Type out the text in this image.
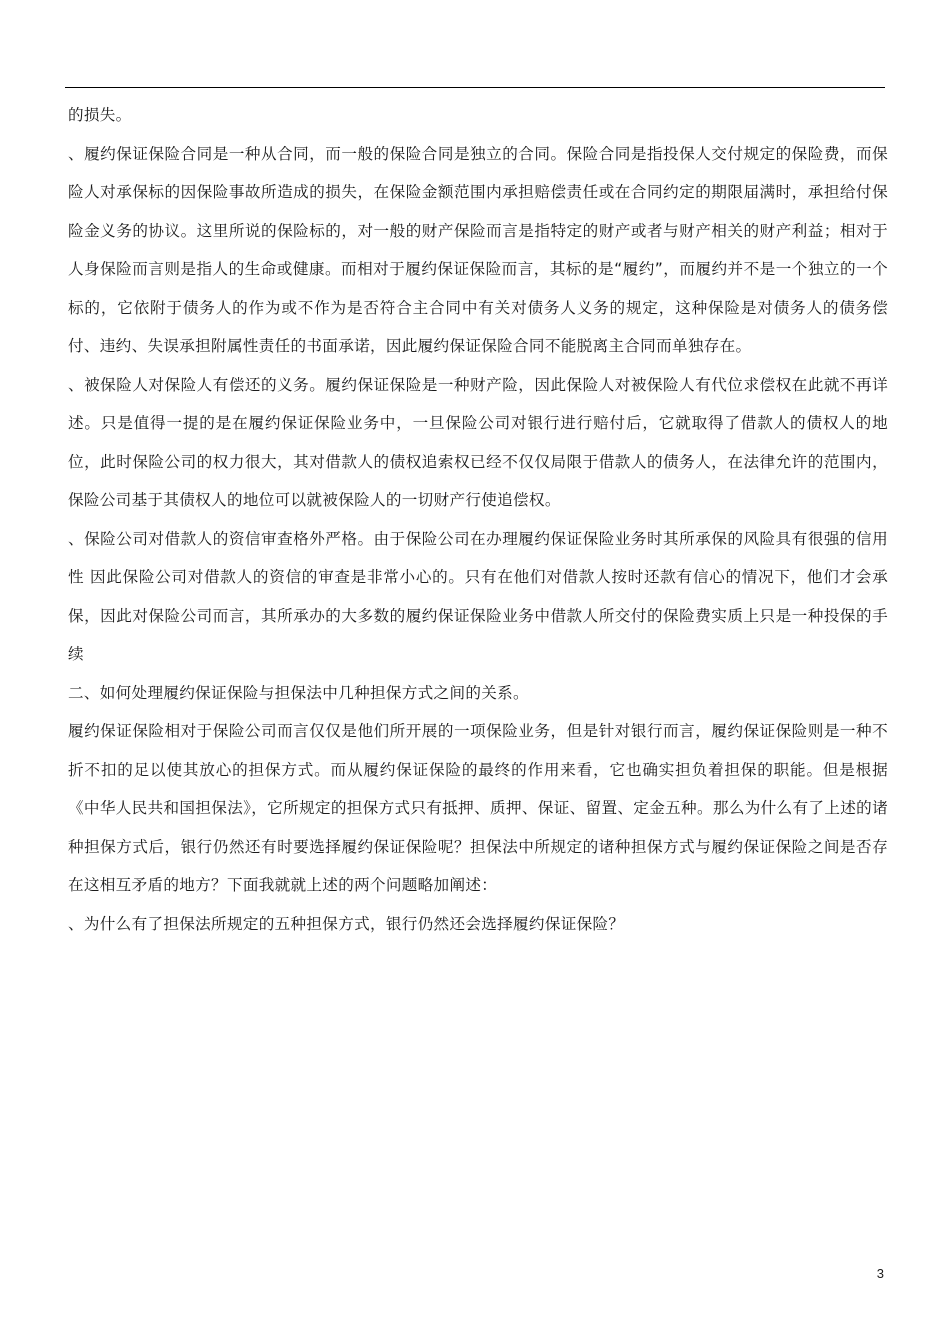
的损失。

、履约保证保险合同是一种从合同，而一般的保险合同是独立的合同。保险合同是指投保人交付规定的保险费，而保险人对承保标的因保险事故所造成的损失，在保险金额范围内承担赔偿责任或在合同约定的期限届满时，承担给付保险金义务的协议。这里所说的保险标的，对一般的财产保险而言是指特定的财产或者与财产相关的财产利益；相对于人身保险而言则是指人的生命或健康。而相对于履约保证保险而言，其标的是“履约”，而履约并不是一个独立的一个标的，它依附于债务人的作为或不作为是否符合主合同中有关对债务人义务的规定，这种保险是对债务人的债务偿付、违约、失误承担附属性责任的书面承诺，因此履约保证保险合同不能脱离主合同而单独存在。

、被保险人对保险人有偿还的义务。履约保证保险是一种财产险，因此保险人对被保险人有代位求偿权在此就不再详述。只是值得一提的是在履约保证保险业务中，一旦保险公司对银行进行赔付后，它就取得了借款人的债权人的地位，此时保险公司的权力很大，其对借款人的债权追索权已经不仅仅局限于借款人的债务人，在法律允许的范围内，保险公司基于其债权人的地位可以就被保险人的一切财产行使追偿权。

、保险公司对借款人的资信审查格外严格。由于保险公司在办理履约保证保险业务时其所承保的风险具有很强的信用性 因此保险公司对借款人的资信的审查是非常小心的。只有在他们对借款人按时还款有信心的情况下，他们才会承保，因此对保险公司而言，其所承办的大多数的履约保证保险业务中借款人所交付的保险费实质上只是一种投保的手续

二、如何处理履约保证保险与担保法中几种担保方式之间的关系。

履约保证保险相对于保险公司而言仅仅是他们所开展的一项保险业务，但是针对银行而言，履约保证保险则是一种不折不扣的足以使其放心的担保方式。而从履约保证保险的最终的作用来看，它也确实担负着担保的职能。但是根据《中华人民共和国担保法》，它所规定的担保方式只有抵押、质押、保证、留置、定金五种。那么为什么有了上述的诸种担保方式后，银行仍然还有时要选择履约保证保险呢？担保法中所规定的诸种担保方式与履约保证保险之间是否存在这相互矛盾的地方？下面我就就上述的两个问题略加阐述：

、为什么有了担保法所规定的五种担保方式，银行仍然还会选择履约保证保险？

3
